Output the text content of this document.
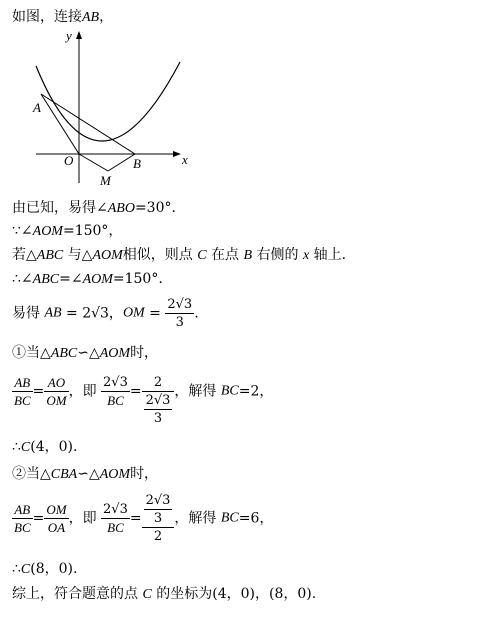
如图，连接AB，
y
x
A
O	B
M
由已知，易得∠ABO=30°.
∵∠AOM=150°，
若△ABC 与△AOM相似，则点 C 在点 B 右侧的 x 轴上.
∴∠ABC=∠AOM=150°.
易得 AB = 2√3，OM = $\frac{2√3}{3}$ .
①当△ABC∽△AOM时，
$\frac{AB}{BC} = \frac{AO}{OM}$ ，即 $\frac{2√3}{BC} = 2$
2√3
3 ，解得 BC=2，
∴C(4，0).
②当△CBA∽△AOM时，
$\frac{AB}{BC} = \frac{OM}{OA}$ ，即 $\frac{2√3}{BC} = \frac{\frac{2√3}{3}}{2}$ ，解得 BC=6，
∴C(8，0).
综上，符合题意的点 C 的坐标为(4，0)，(8，0).
